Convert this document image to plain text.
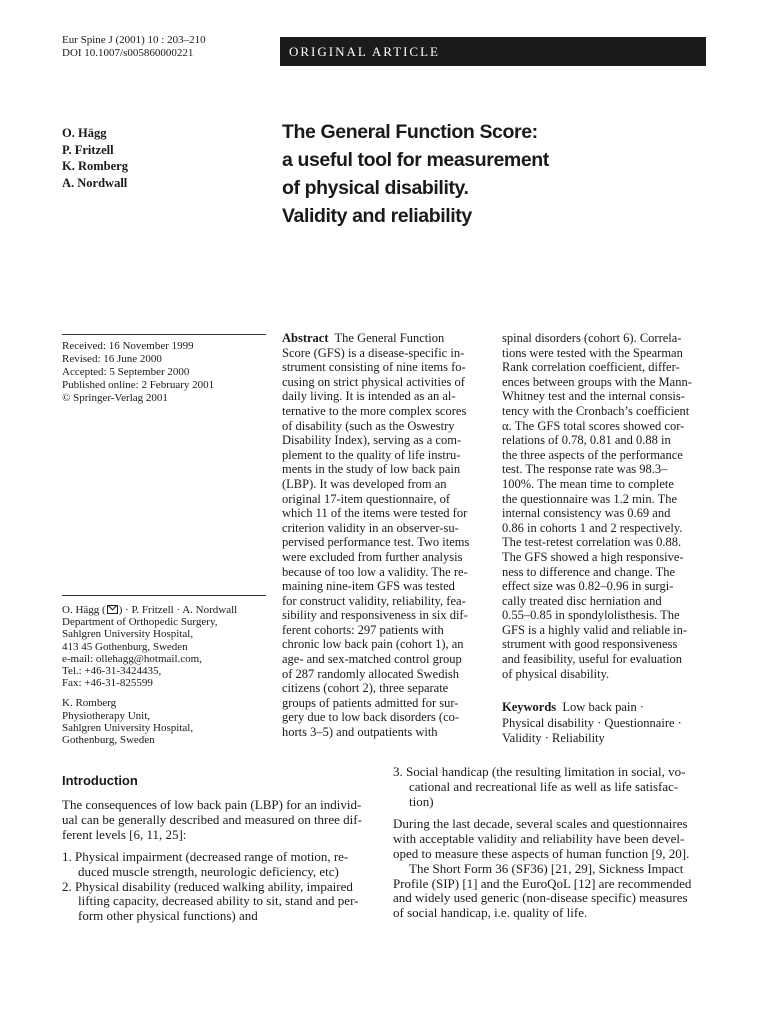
Eur Spine J (2001) 10 : 203–210
DOI 10.1007/s005860000221	ORIGINAL ARTICLE
O. Hägg
P. Fritzell
K. Romberg
A. Nordwall
The General Function Score:
a useful tool for measurement
of physical disability.
Validity and reliability
Received: 16 November 1999
Revised: 16 June 2000
Accepted: 5 September 2000
Published online: 2 February 2001
© Springer-Verlag 2001
O. Hägg ( ) · P. Fritzell · A. Nordwall
Department of Orthopedic Surgery,
Sahlgren University Hospital,
413 45 Gothenburg, Sweden
e-mail: ollehagg@hotmail.com,
Tel.: +46-31-3424435,
Fax: +46-31-825599
K. Romberg
Physiotherapy Unit,
Sahlgren University Hospital,
Gothenburg, Sweden
Abstract  The General Function
Score (GFS) is a disease-specific in-
strument consisting of nine items fo-
cusing on strict physical activities of
daily living. It is intended as an al-
ternative to the more complex scores
of disability (such as the Oswestry
Disability Index), serving as a com-
plement to the quality of life instru-
ments in the study of low back pain
(LBP). It was developed from an
original 17-item questionnaire, of
which 11 of the items were tested for
criterion validity in an observer-su-
pervised performance test. Two items
were excluded from further analysis
because of too low a validity. The re-
maining nine-item GFS was tested
for construct validity, reliability, fea-
sibility and responsiveness in six dif-
ferent cohorts: 297 patients with
chronic low back pain (cohort 1), an
age- and sex-matched control group
of 287 randomly allocated Swedish
citizens (cohort 2), three separate
groups of patients admitted for sur-
gery due to low back disorders (co-
horts 3–5) and outpatients with
spinal disorders (cohort 6). Correla-
tions were tested with the Spearman
Rank correlation coefficient, differ-
ences between groups with the Mann-
Whitney test and the internal consis-
tency with the Cronbach’s coefficient
α. The GFS total scores showed cor-
relations of 0.78, 0.81 and 0.88 in
the three aspects of the performance
test. The response rate was 98.3–
100%. The mean time to complete
the questionnaire was 1.2 min. The
internal consistency was 0.69 and
0.86 in cohorts 1 and 2 respectively.
The test-retest correlation was 0.88.
The GFS showed a high responsive-
ness to difference and change. The
effect size was 0.82–0.96 in surgi-
cally treated disc herniation and
0.55–0.85 in spondylolisthesis. The
GFS is a highly valid and reliable in-
strument with good responsiveness
and feasibility, useful for evaluation
of physical disability.
Keywords  Low back pain ·
Physical disability · Questionnaire ·
Validity · Reliability
Introduction
The consequences of low back pain (LBP) for an individ-
ual can be generally described and measured on three dif-
ferent levels [6, 11, 25]:
1. Physical impairment (decreased range of motion, re-
duced muscle strength, neurologic deficiency, etc)
2. Physical disability (reduced walking ability, impaired
lifting capacity, decreased ability to sit, stand and per-
form other physical functions) and
3. Social handicap (the resulting limitation in social, vo-
cational and recreational life as well as life satisfac-
tion)
During the last decade, several scales and questionnaires
with acceptable validity and reliability have been devel-
oped to measure these aspects of human function [9, 20].
The Short Form 36 (SF36) [21, 29], Sickness Impact
Profile (SIP) [1] and the EuroQoL [12] are recommended
and widely used generic (non-disease specific) measures
of social handicap, i.e. quality of life.
